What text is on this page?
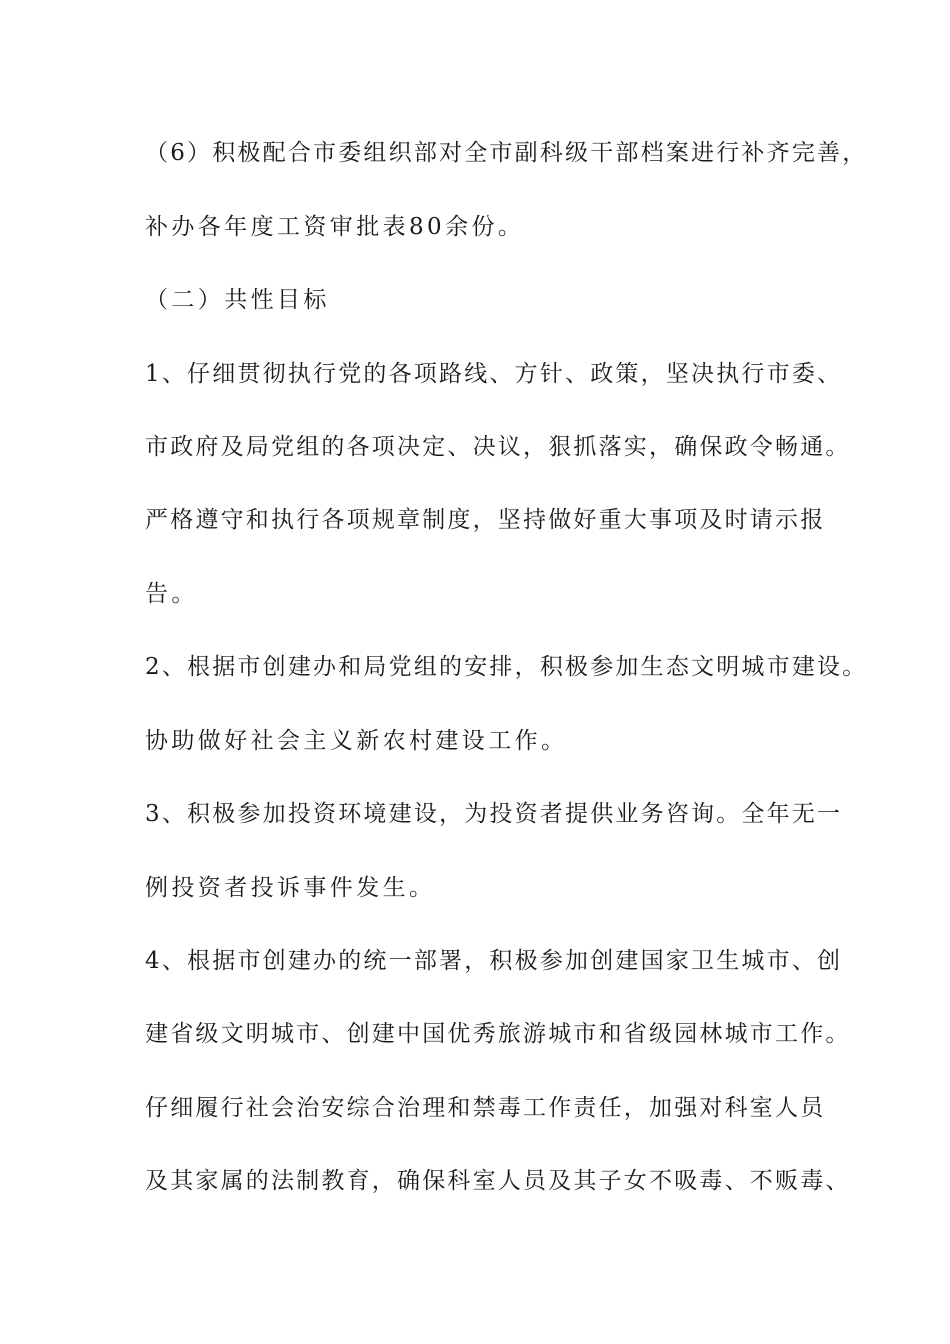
（6）积极配合市委组织部对全市副科级干部档案进行补齐完善，
补办各年度工资审批表80余份。
（二）共性目标
1、仔细贯彻执行党的各项路线、方针、政策，坚决执行市委、
市政府及局党组的各项决定、决议，狠抓落实，确保政令畅通。
严格遵守和执行各项规章制度，坚持做好重大事项及时请示报
告。
2、根据市创建办和局党组的安排，积极参加生态文明城市建设。
协助做好社会主义新农村建设工作。
3、积极参加投资环境建设，为投资者提供业务咨询。全年无一
例投资者投诉事件发生。
4、根据市创建办的统一部署，积极参加创建国家卫生城市、创
建省级文明城市、创建中国优秀旅游城市和省级园林城市工作。
仔细履行社会治安综合治理和禁毒工作责任，加强对科室人员
及其家属的法制教育，确保科室人员及其子女不吸毒、不贩毒、
